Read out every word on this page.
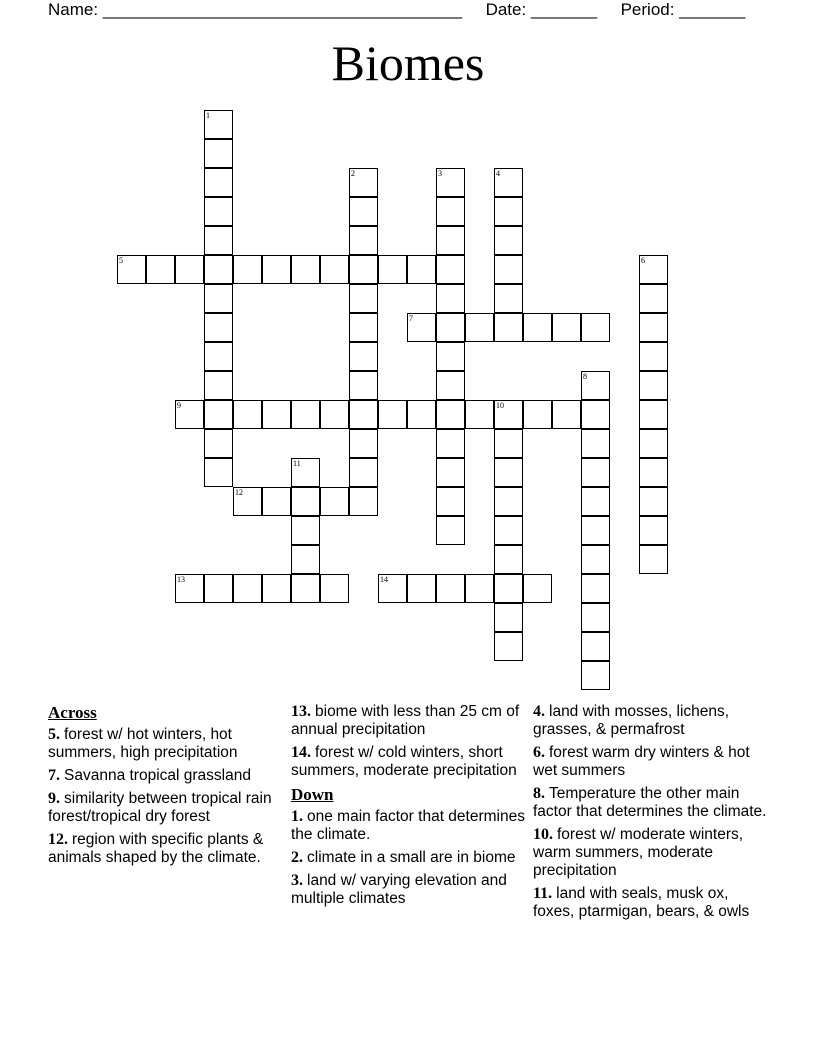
Name: ______________________________________ Date: _______ Period: _______
Biomes
1
2	3	4
5	6
7
8
9	10
11
12
13	14
Across

5. forest w/ hot winters, hot summers, high precipitation

7. Savanna tropical grassland

9. similarity between tropical rain forest/tropical dry forest

12. region with specific plants & animals shaped by the climate.

13. biome with less than 25 cm of annual precipitation

14. forest w/ cold winters, short summers, moderate precipitation

Down

1. one main factor that determines the climate.

2. climate in a small are in biome

3. land w/ varying elevation and multiple climates

4. land with mosses, lichens, grasses, & permafrost

6. forest warm dry winters & hot wet summers

8. Temperature the other main factor that determines the climate.

10. forest w/ moderate winters, warm summers, moderate precipitation

11. land with seals, musk ox, foxes, ptarmigan, bears, & owls
